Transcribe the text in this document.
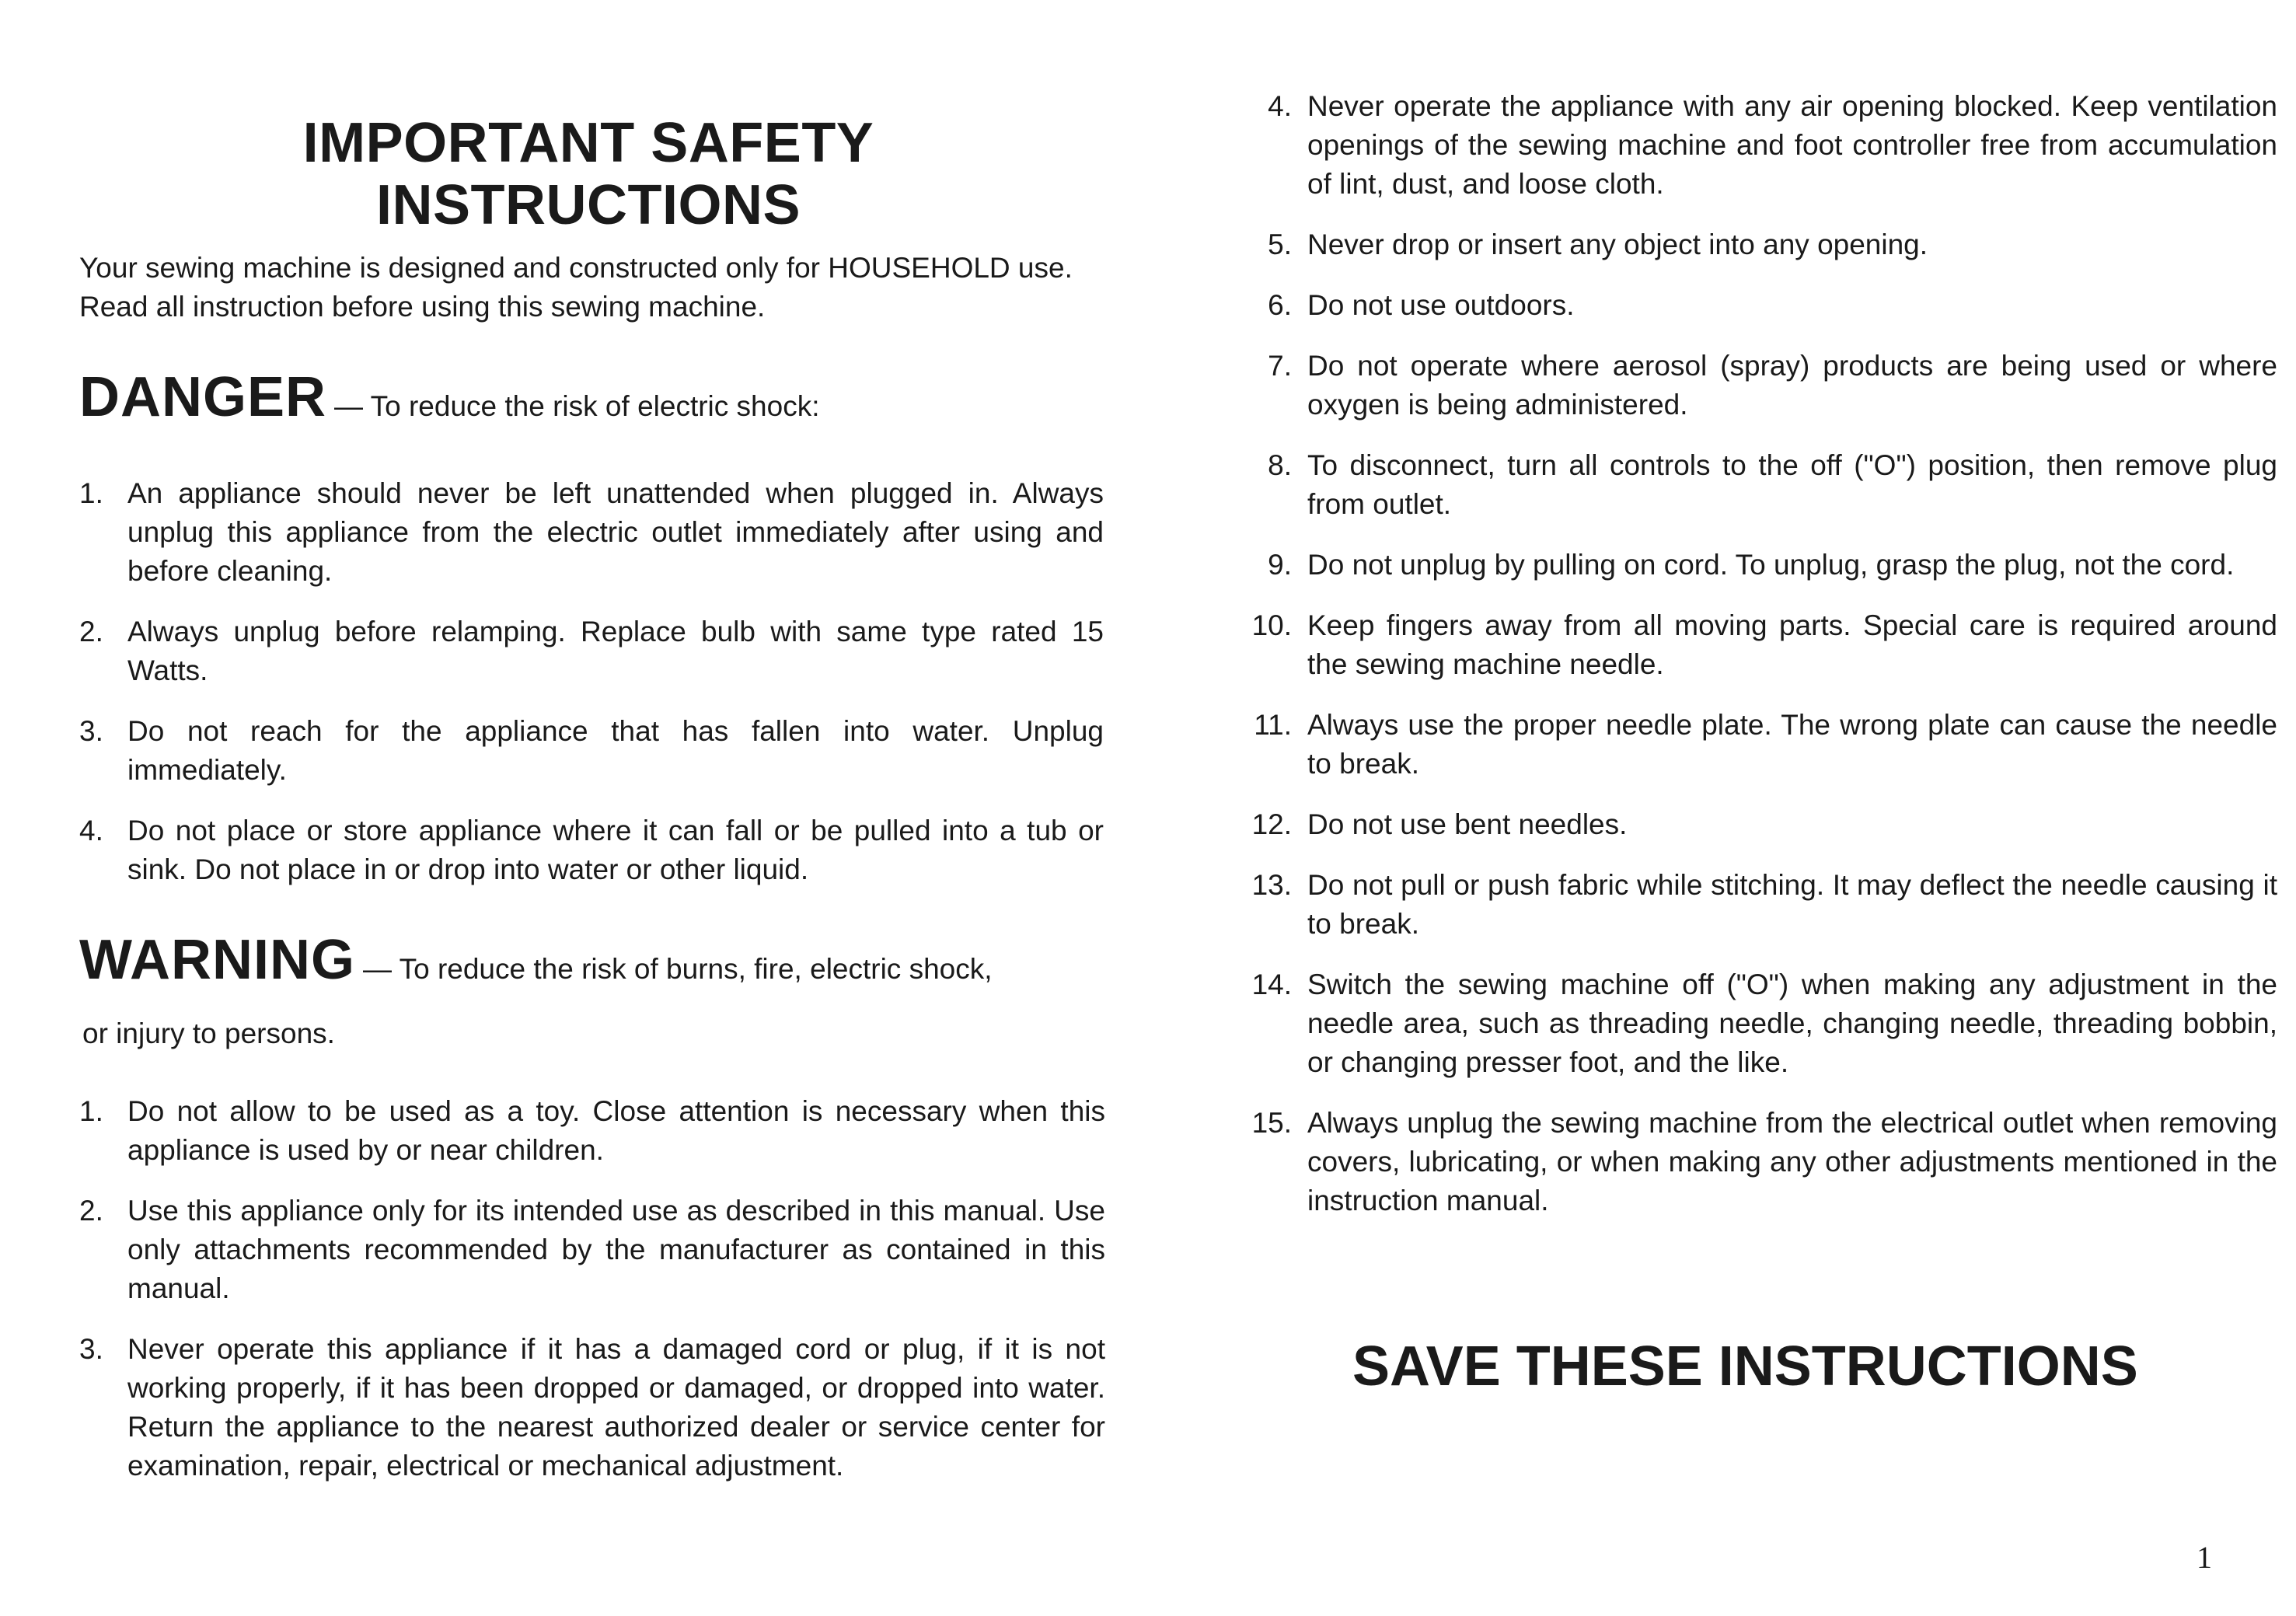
IMPORTANT SAFETY
INSTRUCTIONS
Your sewing machine is designed and constructed only for HOUSEHOLD use.
Read all instruction before using this sewing machine.
DANGER — To reduce the risk of electric shock:
1. An appliance should never be left unattended when plugged in. Always unplug this appliance from the electric outlet immediately after using and before cleaning.
2. Always unplug before relamping. Replace bulb with same type rated 15 Watts.
3. Do not reach for the appliance that has fallen into water. Unplug immediately.
4. Do not place or store appliance where it can fall or be pulled into a tub or sink. Do not place in or drop into water or other liquid.
WARNING — To reduce the risk of burns, fire, electric shock,
or injury to persons.
1. Do not allow to be used as a toy. Close attention is necessary when this appliance is used by or near children.
2. Use this appliance only for its intended use as described in this manual. Use only attachments recommended by the manufacturer as contained in this manual.
3. Never operate this appliance if it has a damaged cord or plug, if it is not working properly, if it has been dropped or damaged, or dropped into water. Return the appliance to the nearest authorized dealer or service center for examination, repair, electrical or mechanical adjustment.
4. Never operate the appliance with any air opening blocked. Keep ventilation openings of the sewing machine and foot controller free from accumulation of lint, dust, and loose cloth.
5. Never drop or insert any object into any opening.
6. Do not use outdoors.
7. Do not operate where aerosol (spray) products are being used or where oxygen is being administered.
8. To disconnect, turn all controls to the off ("O") position, then remove plug from outlet.
9. Do not unplug by pulling on cord. To unplug, grasp the plug, not the cord.
10. Keep fingers away from all moving parts. Special care is required around the sewing machine needle.
11. Always use the proper needle plate. The wrong plate can cause the needle to break.
12. Do not use bent needles.
13. Do not pull or push fabric while stitching. It may deflect the needle causing it to break.
14. Switch the sewing machine off ("O") when making any adjustment in the needle area, such as threading needle, changing needle, threading bobbin, or changing presser foot, and the like.
15. Always unplug the sewing machine from the electrical outlet when removing covers, lubricating, or when making any other adjustments mentioned in the instruction manual.
SAVE THESE INSTRUCTIONS
1
